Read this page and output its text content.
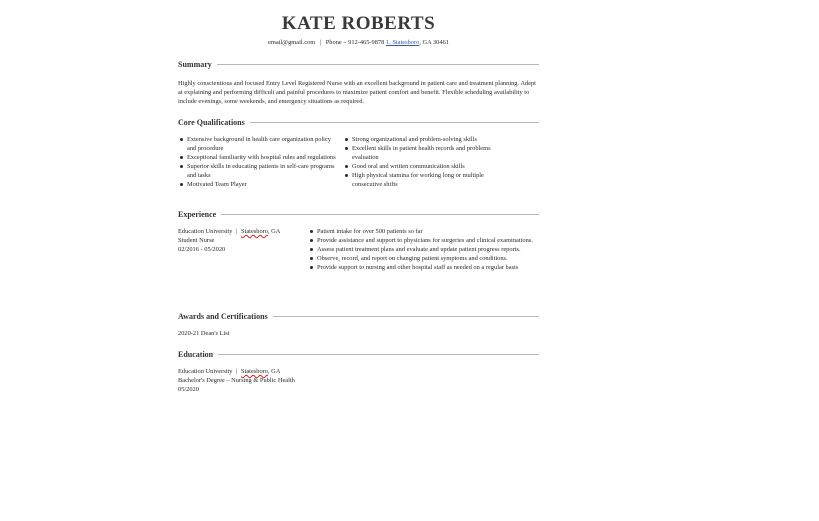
KATE ROBERTS
email@gmail.com | Phone – 912-465-9878 1. Statesboro, GA 30461
Summary

Highly conscientious and focused Entry Level Registered Nurse with an excellent background in patient care and treatment planning. Adept at explaining and performing difficult and painful procedures to maximize patient comfort and benefit. Flexible scheduling availability to include evenings, some weekends, and emergency situations as required.

Core Qualifications
Extensive background in health care organization policy and procedure
Exceptional familiarity with hospital rules and regulations
Superior skills in educating patients in self-care programs and tasks
Motivated Team Player
Strong organizational and problem-solving skills
Excellent skills in patient health records and problems evaluation
Good oral and written communication skills
High physical stamina for working long or multiple consecutive shifts
Experience
Education University | Statesboro, GA
Student Nurse
02/2016 - 05/2020
Patient intake for over 500 patients so far
Provide assistance and support to physicians for surgeries and clinical examinations.
Assess patient treatment plans and evaluate and update patient progress reports.
Observe, record, and report on changing patient symptoms and conditions.
Provide support to nursing and other hospital staff as needed on a regular basis
Awards and Certifications
2020-21 Dean's List
Education
Education University | Statesboro, GA
Bachelor's Degree – Nursing & Public Health
05/2020
